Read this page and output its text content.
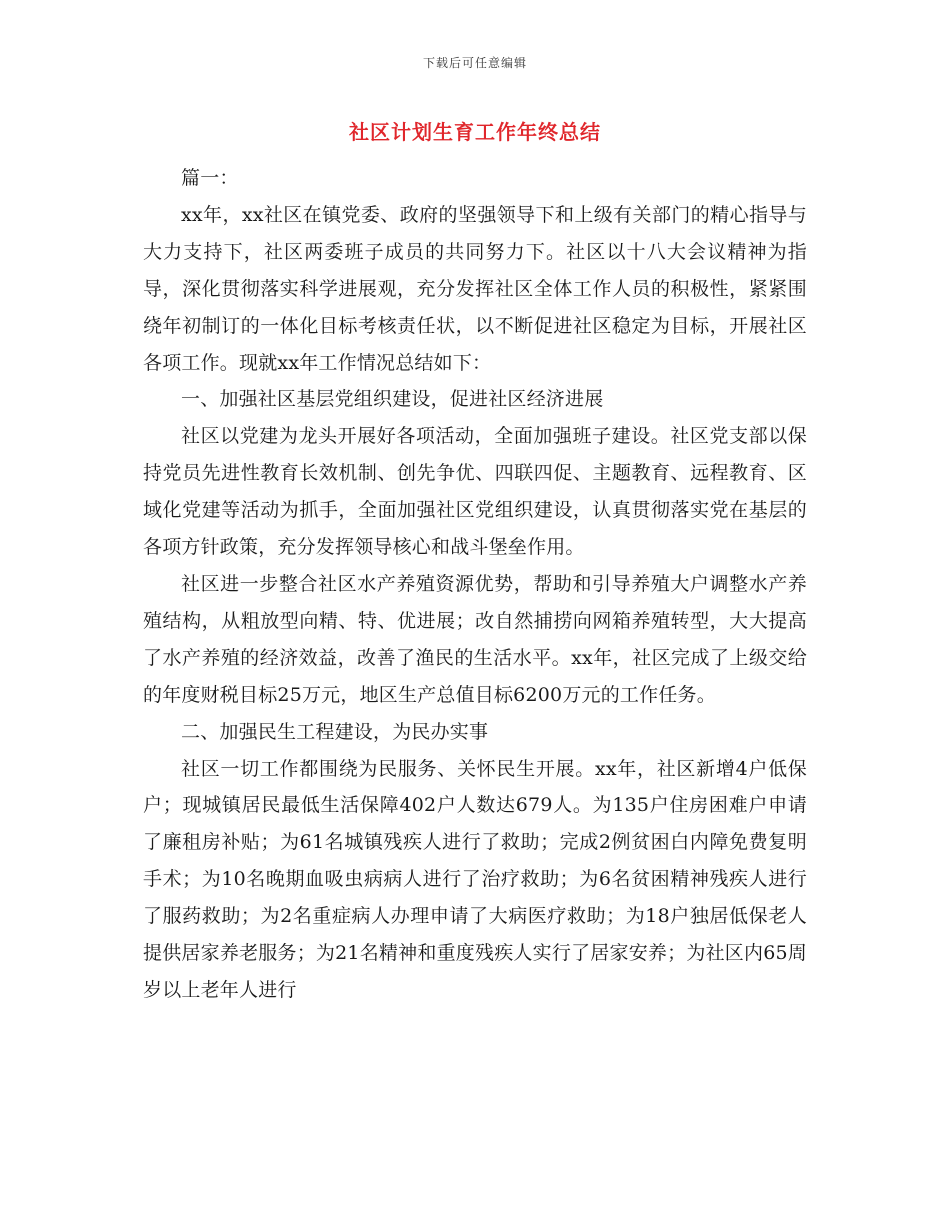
下载后可任意编辑
社区计划生育工作年终总结

篇一：

xx年，xx社区在镇党委、政府的坚强领导下和上级有关部门的精心指导与大力支持下，社区两委班子成员的共同努力下。社区以十八大会议精神为指导，深化贯彻落实科学进展观，充分发挥社区全体工作人员的积极性，紧紧围绕年初制订的一体化目标考核责任状，以不断促进社区稳定为目标，开展社区各项工作。现就xx年工作情况总结如下：

一、加强社区基层党组织建设，促进社区经济进展

社区以党建为龙头开展好各项活动，全面加强班子建设。社区党支部以保持党员先进性教育长效机制、创先争优、四联四促、主题教育、远程教育、区域化党建等活动为抓手，全面加强社区党组织建设，认真贯彻落实党在基层的各项方针政策，充分发挥领导核心和战斗堡垒作用。

社区进一步整合社区水产养殖资源优势，帮助和引导养殖大户调整水产养殖结构，从粗放型向精、特、优进展；改自然捕捞向网箱养殖转型，大大提高了水产养殖的经济效益，改善了渔民的生活水平。xx年，社区完成了上级交给的年度财税目标25万元，地区生产总值目标6200万元的工作任务。

二、加强民生工程建设，为民办实事

社区一切工作都围绕为民服务、关怀民生开展。xx年，社区新增4户低保户；现城镇居民最低生活保障402户人数达679人。为135户住房困难户申请了廉租房补贴；为61名城镇残疾人进行了救助；完成2例贫困白内障免费复明手术；为10名晚期血吸虫病病人进行了治疗救助；为6名贫困精神残疾人进行了服药救助；为2名重症病人办理申请了大病医疗救助；为18户独居低保老人提供居家养老服务；为21名精神和重度残疾人实行了居家安养；为社区内65周岁以上老年人进行
